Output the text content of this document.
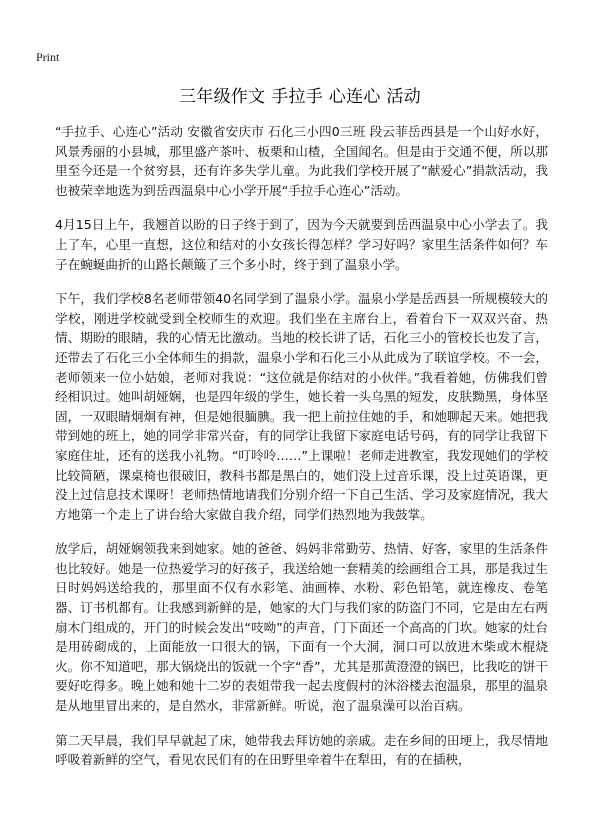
Print
三年级作文 手拉手 心连心 活动

“手拉手、心连心”活动 安徽省安庆市 石化三小四0三班 段云菲岳西县是一个山好水好，风景秀丽的小县城，那里盛产茶叶、板栗和山楂，全国闻名。但是由于交通不便，所以那里至今还是一个贫穷县，还有许多失学儿童。为此我们学校开展了“献爱心”捐款活动，我也被荣幸地选为到岳西温泉中心小学开展“手拉手心连心”活动。

4月15日上午，我翘首以盼的日子终于到了，因为今天就要到岳西温泉中心小学去了。我上了车，心里一直想，这位和结对的小女孩长得怎样？学习好吗？家里生活条件如何？车子在蜿蜒曲折的山路长颠簸了三个多小时，终于到了温泉小学。

下午，我们学校8名老师带领40名同学到了温泉小学。温泉小学是岳西县一所规模较大的学校，刚进学校就受到全校师生的欢迎。我们坐在主席台上，看着台下一双双兴奋、热情、期盼的眼睛，我的心情无比激动。当地的校长讲了话，石化三小的管校长也发了言，还带去了石化三小全体师生的捐款，温泉小学和石化三小从此成为了联谊学校。不一会，老师领来一位小姑娘，老师对我说：“这位就是你结对的小伙伴。”我看着她，仿佛我们曾经相识过。她叫胡娅娴，也是四年级的学生，她长着一头乌黑的短发，皮肤黝黑，身体坚固，一双眼睛炯炯有神，但是她很腼腆。我一把上前拉住她的手，和她聊起天来。她把我带到她的班上，她的同学非常兴奋，有的同学让我留下家庭电话号码，有的同学让我留下家庭住址，还有的送我小礼物。“叮呤呤……”上课啦！老师走进教室，我发现她们的学校比较简陋，课桌椅也很破旧，教科书都是黑白的，她们没上过音乐课，没上过英语课，更没上过信息技术课呀！老师热情地请我们分别介绍一下自己生活、学习及家庭情况，我大方地第一个走上了讲台给大家做自我介绍，同学们热烈地为我鼓掌。

放学后，胡娅娴领我来到她家。她的爸爸、妈妈非常勤劳、热情、好客，家里的生活条件也比较好。她是一位热爱学习的好孩子，我送给她一套精美的绘画组合工具，那是我过生日时妈妈送给我的，那里面不仅有水彩笔、油画棒、水粉、彩色铅笔，就连橡皮、卷笔器、订书机都有。让我感到新鲜的是，她家的大门与我们家的防盗门不同，它是由左右两扇木门组成的，开门的时候会发出“吱呦”的声音，门下面还一个高高的门坎。她家的灶台是用砖砌成的，上面能放一口很大的锅，下面有一个大洞，洞口可以放进木柴或木棍烧火。你不知道吧，那大锅烧出的饭就一个字“香”，尤其是那黄澄澄的锅巴，比我吃的饼干要好吃得多。晚上她和她十二岁的表姐带我一起去度假村的沐浴楼去泡温泉，那里的温泉是从地里冒出来的，是自然水，非常新鲜。听说，泡了温泉澡可以治百病。

第二天早晨，我们早早就起了床，她带我去拜访她的亲戚。走在乡间的田埂上，我尽情地呼吸着新鲜的空气，看见农民们有的在田野里牵着牛在犁田，有的在插秧，
